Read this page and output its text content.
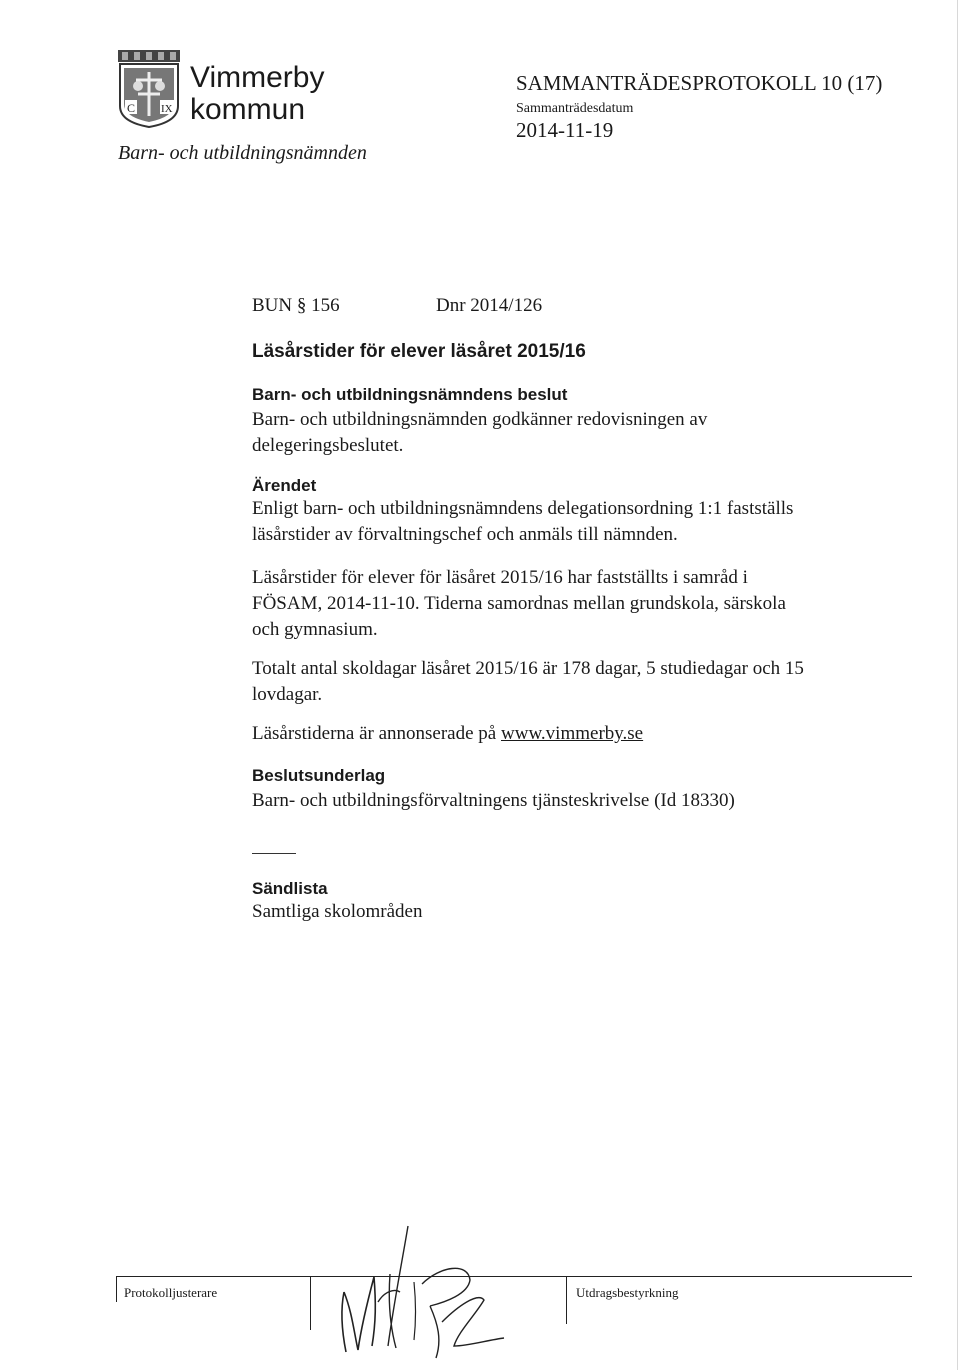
C IX
Vimmerby
kommun
Barn- och utbildningsnämnden
SAMMANTRÄDESPROTOKOLL 10 (17)
Sammanträdesdatum
2014-11-19
BUN § 156	Dnr 2014/126
Läsårstider för elever läsåret 2015/16
Barn- och utbildningsnämndens beslut
Barn- och utbildningsnämnden godkänner redovisningen av
delegeringsbeslutet.
Ärendet
Enligt barn- och utbildningsnämndens delegationsordning 1:1 fastställs
läsårstider av förvaltningschef och anmäls till nämnden.
Läsårstider för elever för läsåret 2015/16 har fastställts i samråd i
FÖSAM, 2014-11-10. Tiderna samordnas mellan grundskola, särskola
och gymnasium.
Totalt antal skoldagar läsåret 2015/16 är 178 dagar, 5 studiedagar och 15
lovdagar.
Läsårstiderna är annonserade på www.vimmerby.se
Beslutsunderlag
Barn- och utbildningsförvaltningens tjänsteskrivelse (Id 18330)
Sändlista
Samtliga skolområden
Protokolljusterare	Utdragsbestyrkning
